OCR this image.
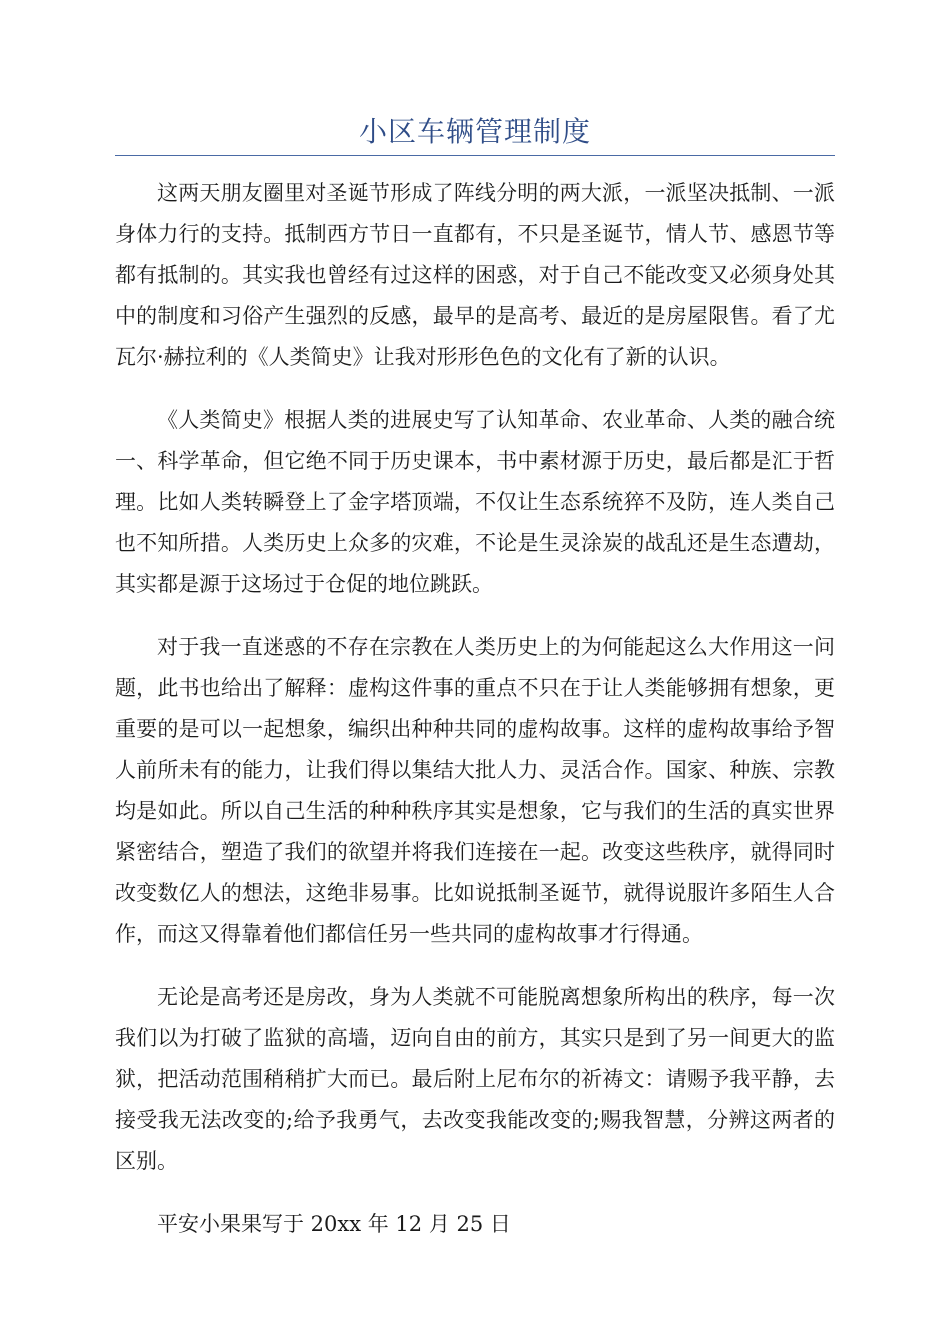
小区车辆管理制度

这两天朋友圈里对圣诞节形成了阵线分明的两大派，一派坚决抵制、一派身体力行的支持。抵制西方节日一直都有，不只是圣诞节，情人节、感恩节等都有抵制的。其实我也曾经有过这样的困惑，对于自己不能改变又必须身处其中的制度和习俗产生强烈的反感，最早的是高考、最近的是房屋限售。看了尤瓦尔·赫拉利的《人类简史》让我对形形色色的文化有了新的认识。

《人类简史》根据人类的进展史写了认知革命、农业革命、人类的融合统一、科学革命，但它绝不同于历史课本，书中素材源于历史，最后都是汇于哲理。比如人类转瞬登上了金字塔顶端，不仅让生态系统猝不及防，连人类自己也不知所措。人类历史上众多的灾难，不论是生灵涂炭的战乱还是生态遭劫，其实都是源于这场过于仓促的地位跳跃。

对于我一直迷惑的不存在宗教在人类历史上的为何能起这么大作用这一问题，此书也给出了解释：虚构这件事的重点不只在于让人类能够拥有想象，更重要的是可以一起想象，编织出种种共同的虚构故事。这样的虚构故事给予智人前所未有的能力，让我们得以集结大批人力、灵活合作。国家、种族、宗教均是如此。所以自己生活的种种秩序其实是想象，它与我们的生活的真实世界紧密结合，塑造了我们的欲望并将我们连接在一起。改变这些秩序，就得同时改变数亿人的想法，这绝非易事。比如说抵制圣诞节，就得说服许多陌生人合作，而这又得靠着他们都信任另一些共同的虚构故事才行得通。

无论是高考还是房改，身为人类就不可能脱离想象所构出的秩序，每一次我们以为打破了监狱的高墙，迈向自由的前方，其实只是到了另一间更大的监狱，把活动范围稍稍扩大而已。最后附上尼布尔的祈祷文：请赐予我平静，去接受我无法改变的;给予我勇气，去改变我能改变的;赐我智慧，分辨这两者的区别。

平安小果果写于 20xx 年 12 月 25 日
